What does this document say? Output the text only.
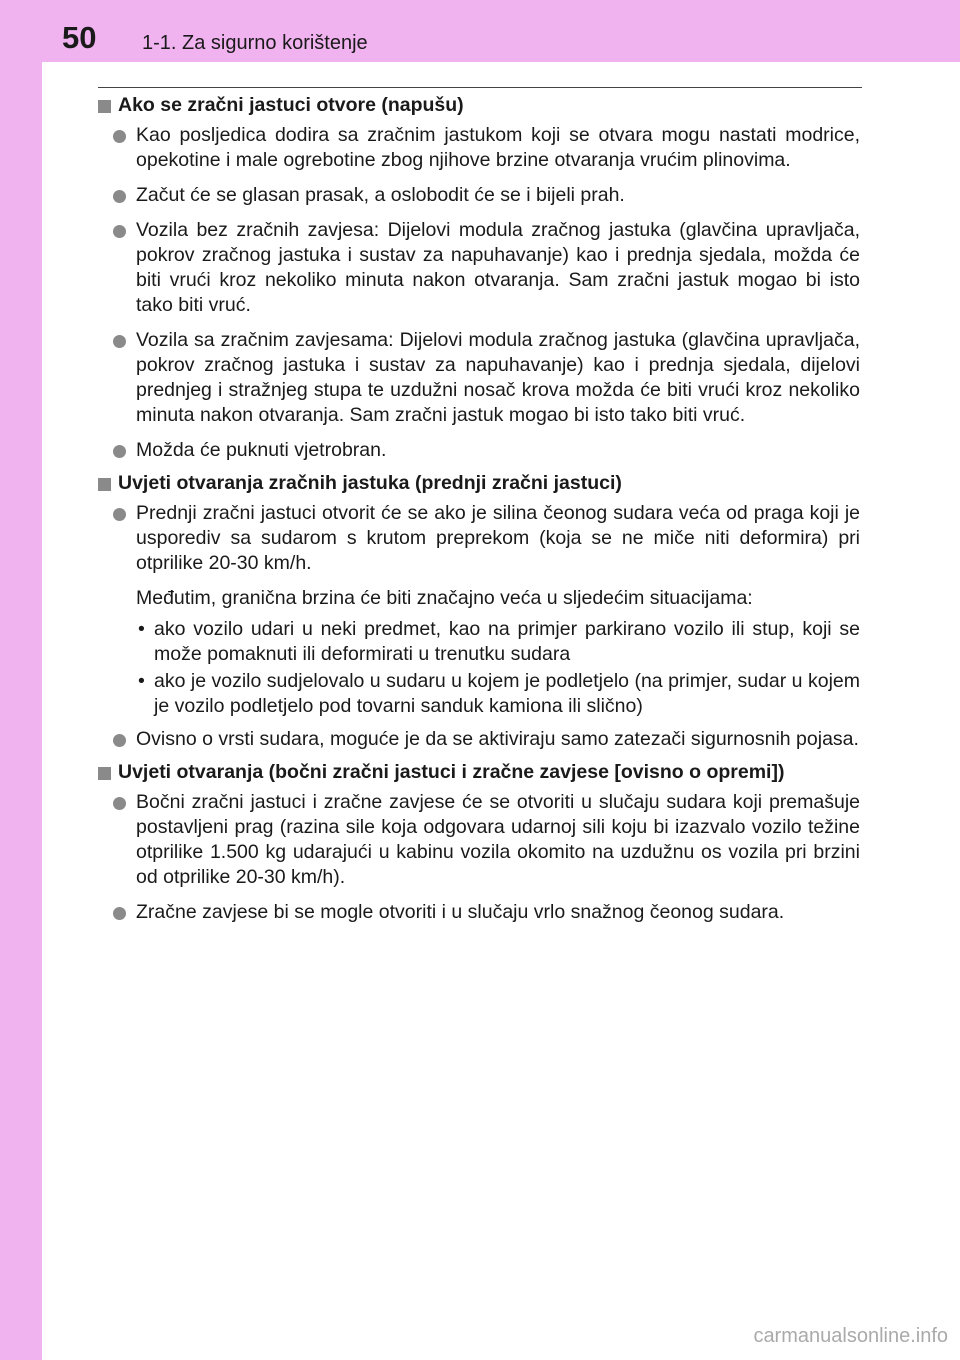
50 1-1. Za sigurno korištenje
Ako se zračni jastuci otvore (napušu)
Kao posljedica dodira sa zračnim jastukom koji se otvara mogu nastati modrice, opekotine i male ogrebotine zbog njihove brzine otvaranja vrućim plinovima.
Začut će se glasan prasak, a oslobodit će se i bijeli prah.
Vozila bez zračnih zavjesa: Dijelovi modula zračnog jastuka (glavčina upravljača, pokrov zračnog jastuka i sustav za napuhavanje) kao i prednja sjedala, možda će biti vrući kroz nekoliko minuta nakon otvaranja. Sam zračni jastuk mogao bi isto tako biti vruć.
Vozila sa zračnim zavjesama: Dijelovi modula zračnog jastuka (glavčina upravljača, pokrov zračnog jastuka i sustav za napuhavanje) kao i prednja sjedala, dijelovi prednjeg i stražnjeg stupa te uzdužni nosač krova možda će biti vrući kroz nekoliko minuta nakon otvaranja. Sam zračni jastuk mogao bi isto tako biti vruć.
Možda će puknuti vjetrobran.
Uvjeti otvaranja zračnih jastuka (prednji zračni jastuci)
Prednji zračni jastuci otvorit će se ako je silina čeonog sudara veća od praga koji je usporediv sa sudarom s krutom preprekom (koja se ne miče niti deformira) pri otprilike 20-30 km/h.
Međutim, granična brzina će biti značajno veća u sljedećim situacijama:
• ako vozilo udari u neki predmet, kao na primjer parkirano vozilo ili stup, koji se može pomaknuti ili deformirati u trenutku sudara
• ako je vozilo sudjelovalo u sudaru u kojem je podletjelo (na primjer, sudar u kojem je vozilo podletjelo pod tovarni sanduk kamiona ili slično)
Ovisno o vrsti sudara, moguće je da se aktiviraju samo zatezači sigurnosnih pojasa.
Uvjeti otvaranja (bočni zračni jastuci i zračne zavjese [ovisno o opremi])
Bočni zračni jastuci i zračne zavjese će se otvoriti u slučaju sudara koji premašuje postavljeni prag (razina sile koja odgovara udarnoj sili koju bi izazvalo vozilo težine otprilike 1.500 kg udarajući u kabinu vozila okomito na uzdužnu os vozila pri brzini od otprilike 20-30 km/h).
Zračne zavjese bi se mogle otvoriti i u slučaju vrlo snažnog čeonog sudara.
carmanualsonline.info
